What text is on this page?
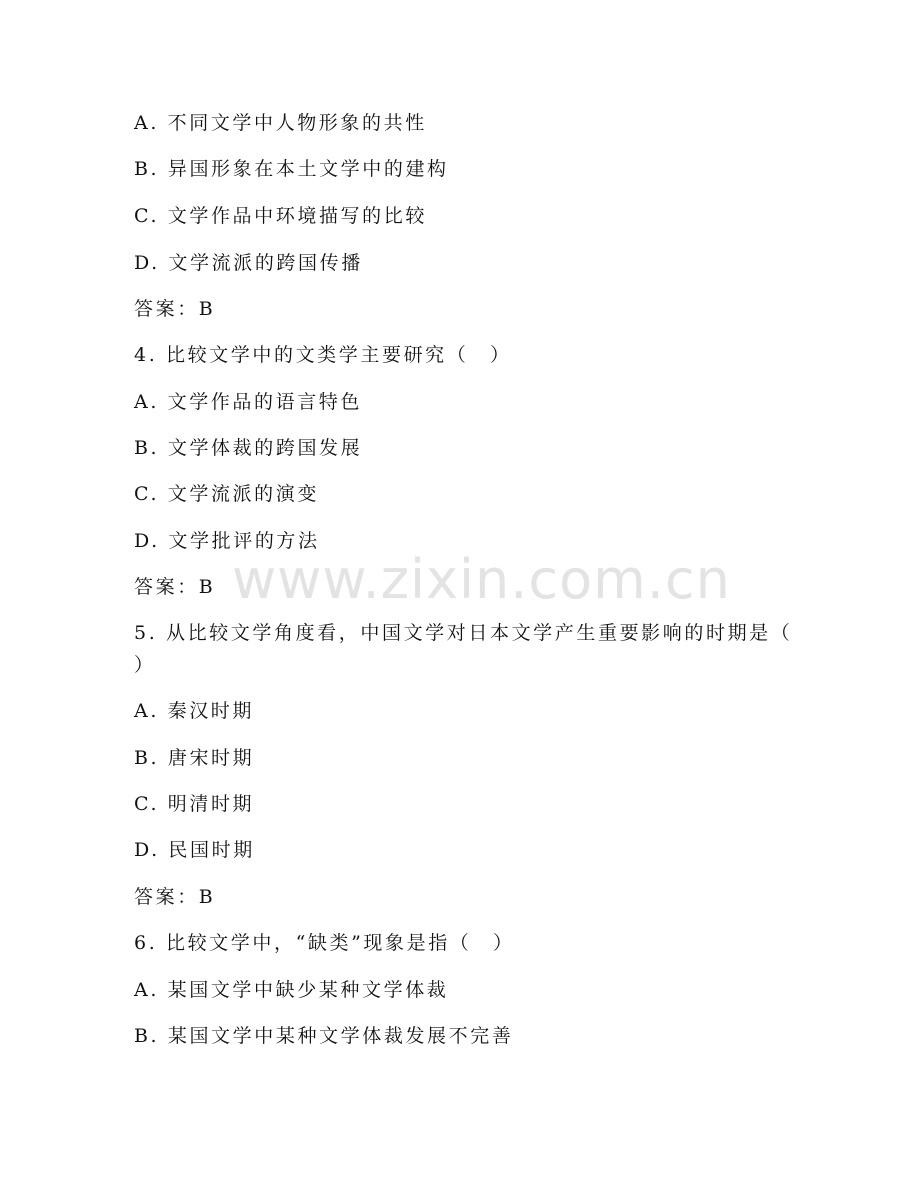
www.zixin.com.cn
A. 不同文学中人物形象的共性
B. 异国形象在本土文学中的建构
C. 文学作品中环境描写的比较
D. 文学流派的跨国传播
答案：B
4. 比较文学中的文类学主要研究（　）
A. 文学作品的语言特色
B. 文学体裁的跨国发展
C. 文学流派的演变
D. 文学批评的方法
答案：B
5. 从比较文学角度看，中国文学对日本文学产生重要影响的时期是（
）
A. 秦汉时期
B. 唐宋时期
C. 明清时期
D. 民国时期
答案：B
6. 比较文学中，“缺类”现象是指（　）
A. 某国文学中缺少某种文学体裁
B. 某国文学中某种文学体裁发展不完善
